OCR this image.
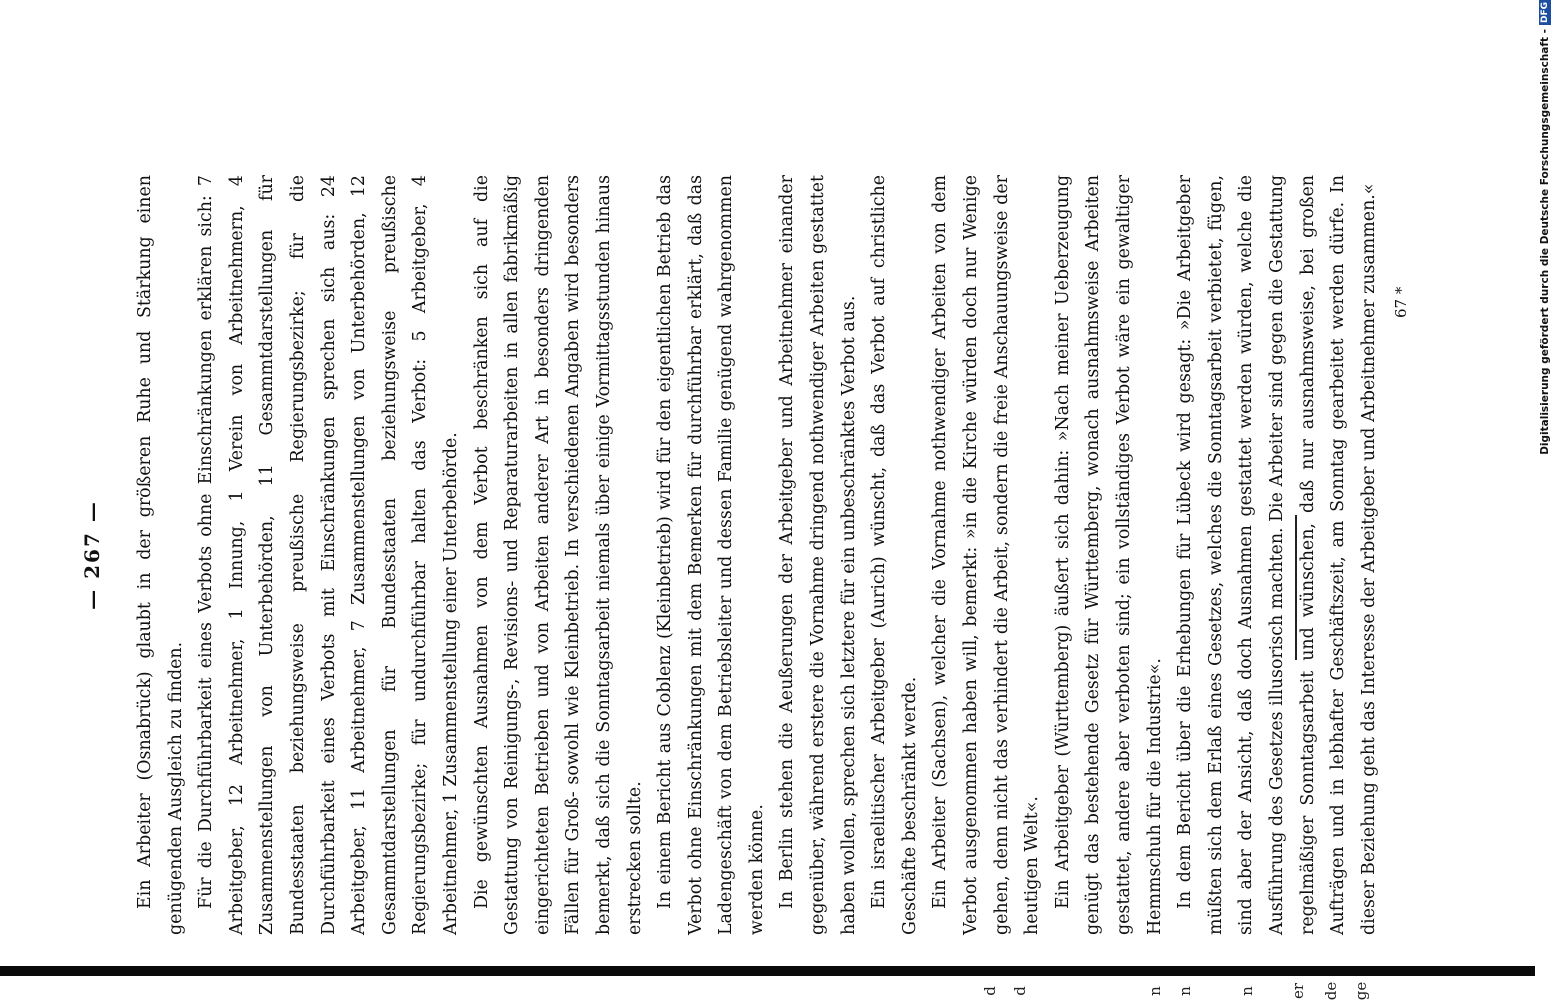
— 267 —	Ein Arbeiter (Osnabrück) glaubt in der größeren Ruhe und Stärkung einen genügenden Ausgleich zu finden. Für die Durchführbarkeit eines Verbots ohne Einschränkungen erklären sich: 7 Arbeitgeber, 12 Arbeitnehmer, 1 Innung, 1 Verein von Arbeitnehmern, 4 Zusammenstellungen von Unterbehörden, 11 Gesammtdarstellungen für Bundesstaaten beziehungsweise preußische Regierungsbezirke; für die Durchführbarkeit eines Verbots mit Einschränkungen sprechen sich aus: 24 Arbeitgeber, 11 Arbeitnehmer, 7 Zusammenstellungen von Unterbehörden, 12 Gesammtdarstellungen für Bundesstaaten beziehungsweise preußische Regierungsbezirke; für undurchführbar halten das Verbot: 5 Arbeitgeber, 4 Arbeitnehmer, 1 Zusammenstellung einer Unterbehörde. Die gewünschten Ausnahmen von dem Verbot beschränken sich auf die Gestattung von Reinigungs-, Revisions- und Reparaturarbeiten in allen fabrikmäßig eingerichteten Betrieben und von Arbeiten anderer Art in besonders dringenden Fällen für Groß- sowohl wie Kleinbetrieb. In verschiedenen Angaben wird besonders bemerkt, daß sich die Sonntagsarbeit niemals über einige Vormittagsstunden hinaus erstrecken sollte. In einem Bericht aus Coblenz (Kleinbetrieb) wird für den eigentlichen Betrieb das Verbot ohne Einschränkungen mit dem Bemerken für durchführbar erklärt, daß das Ladengeschäft von dem Betriebsleiter und dessen Familie genügend wahrgenommen werden könne. In Berlin stehen die Aeußerungen der Arbeitgeber und Arbeitnehmer einander gegenüber, während erstere die Vornahme dringend nothwendiger Arbeiten gestattet haben wollen, sprechen sich letztere für ein unbeschränktes Verbot aus. Ein israelitischer Arbeitgeber (Aurich) wünscht, daß das Verbot auf christliche Geschäfte beschränkt werde. Ein Arbeiter (Sachsen), welcher die Vornahme nothwendiger Arbeiten von dem Verbot ausgenommen haben will, bemerkt: »in die Kirche würden doch nur Wenige gehen, denn nicht das verhindert die Arbeit, sondern die freie Anschauungsweise der heutigen Welt«. Ein Arbeitgeber (Württemberg) äußert sich dahin: »Nach meiner Ueberzeugung genügt das bestehende Gesetz für Württemberg, wonach ausnahmsweise Arbeiten gestattet, andere aber verboten sind; ein vollständiges Verbot wäre ein gewaltiger Hemmschuh für die Industrie«. In dem Bericht über die Erhebungen für Lübeck wird gesagt: »Die Arbeitgeber müßten sich dem Erlaß eines Gesetzes, welches die Sonntagsarbeit verbietet, fügen, sind aber der Ansicht, daß doch Ausnahmen gestattet werden würden, welche die Ausführung des Gesetzes illusorisch machten. Die Arbeiter sind gegen die Gestattung regelmäßiger Sonntagsarbeit und wünschen, daß nur ausnahmsweise, bei großen Aufträgen und in lebhafter Geschäftszeit, am Sonntag gearbeitet werden dürfe. In dieser Beziehung geht das Interesse der Arbeitgeber und Arbeitnehmer zusammen.« 67 *
er de ge
n n	n
d d
Digitalisierung gefördert durch die Deutsche Forschungsgemeinschaft -
DFG
